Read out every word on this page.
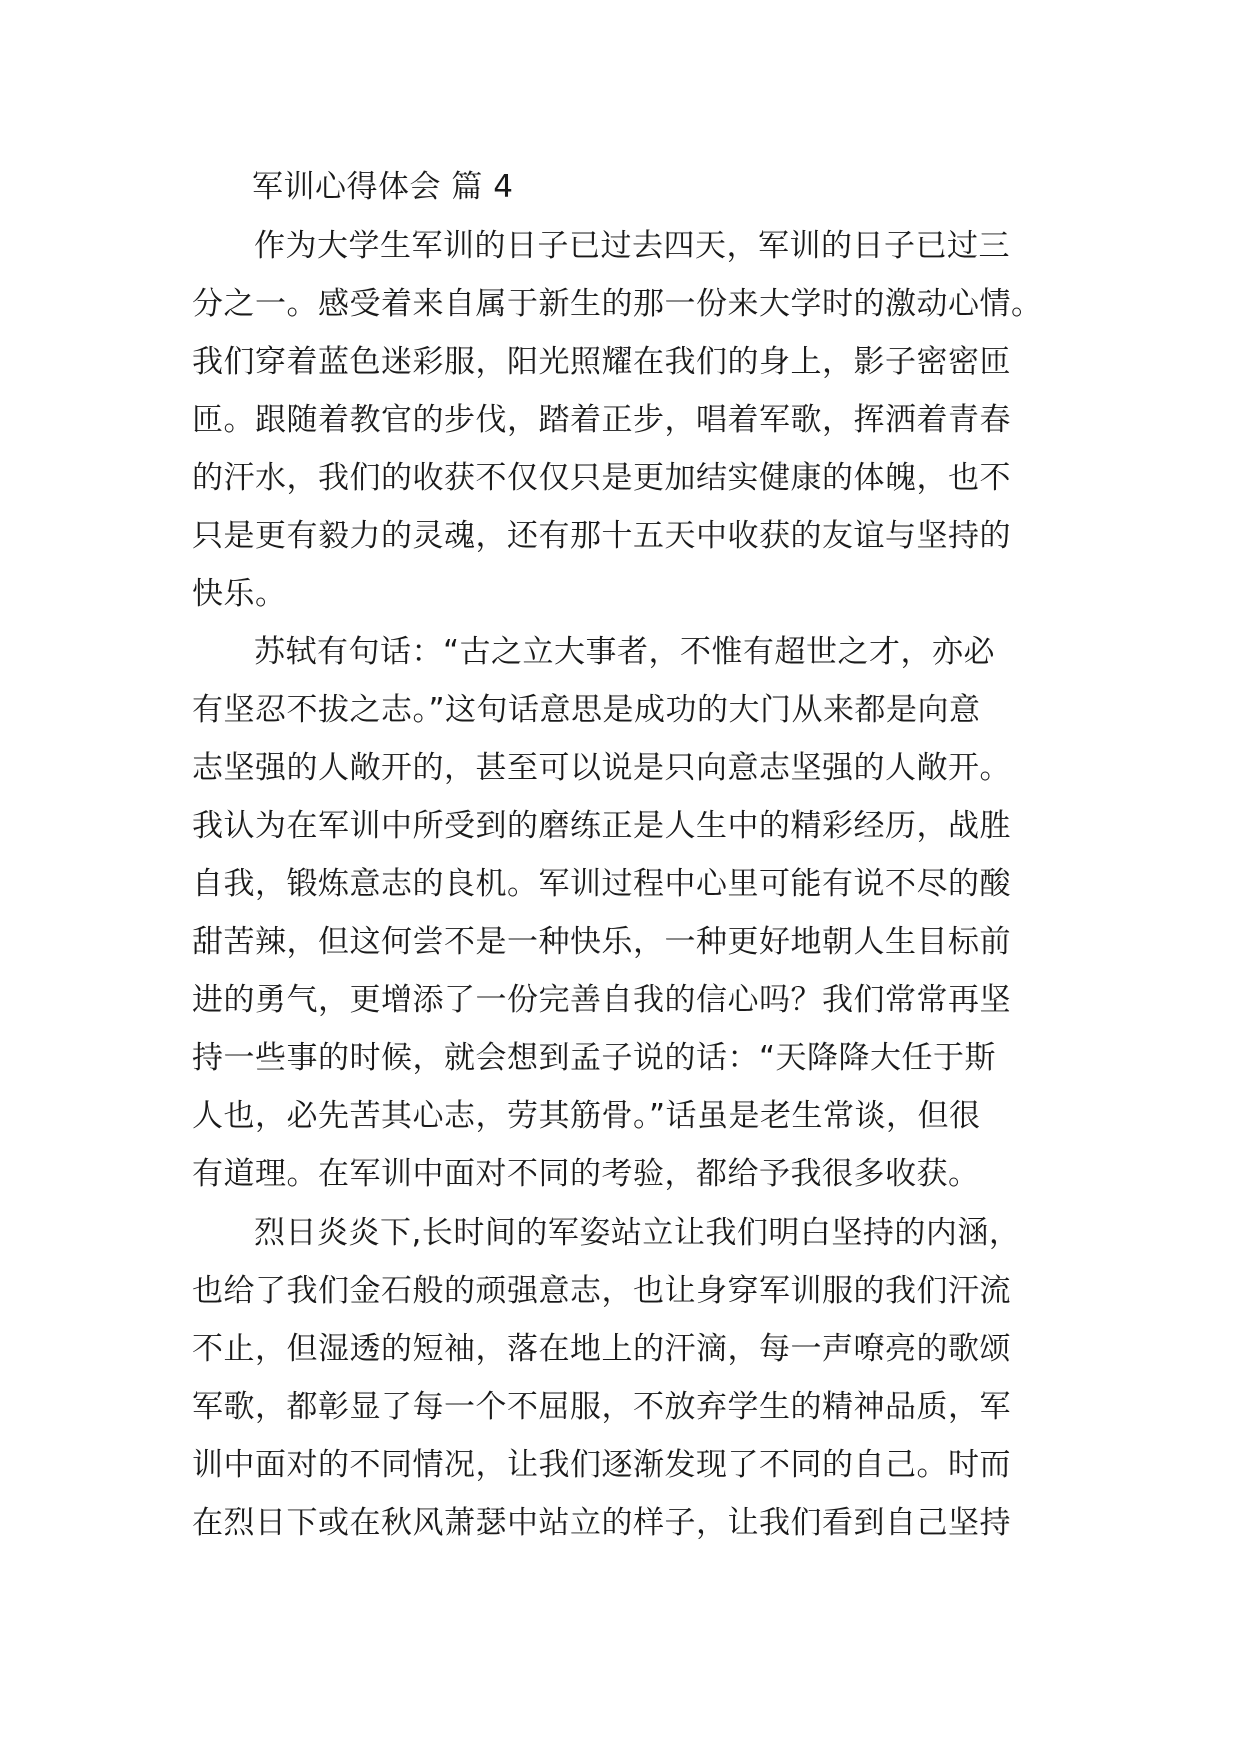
军训心得体会 篇 4
作为大学生军训的日子已过去四天，军训的日子已过三
分之一。感受着来自属于新生的那一份来大学时的激动心情。
我们穿着蓝色迷彩服，阳光照耀在我们的身上，影子密密匝
匝。跟随着教官的步伐，踏着正步，唱着军歌，挥洒着青春
的汗水，我们的收获不仅仅只是更加结实健康的体魄，也不
只是更有毅力的灵魂，还有那十五天中收获的友谊与坚持的
快乐。
苏轼有句话：“古之立大事者，不惟有超世之才，亦必
有坚忍不拔之志。”这句话意思是成功的大门从来都是向意
志坚强的人敞开的，甚至可以说是只向意志坚强的人敞开。
我认为在军训中所受到的磨练正是人生中的精彩经历，战胜
自我，锻炼意志的良机。军训过程中心里可能有说不尽的酸
甜苦辣，但这何尝不是一种快乐，一种更好地朝人生目标前
进的勇气，更增添了一份完善自我的信心吗？我们常常再坚
持一些事的时候，就会想到孟子说的话：“天降降大任于斯
人也，必先苦其心志，劳其筋骨。”话虽是老生常谈，但很
有道理。在军训中面对不同的考验，都给予我很多收获。
烈日炎炎下,长时间的军姿站立让我们明白坚持的内涵，
也给了我们金石般的顽强意志，也让身穿军训服的我们汗流
不止，但湿透的短袖，落在地上的汗滴，每一声嘹亮的歌颂
军歌，都彰显了每一个不屈服，不放弃学生的精神品质，军
训中面对的不同情况，让我们逐渐发现了不同的自己。时而
在烈日下或在秋风萧瑟中站立的样子，让我们看到自己坚持
